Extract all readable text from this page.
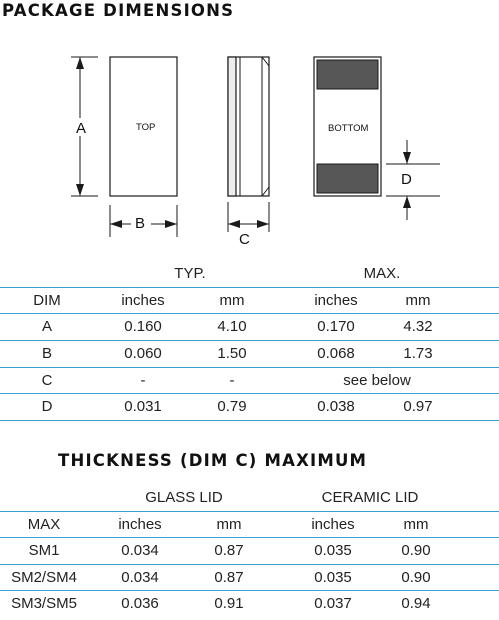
PACKAGE DIMENSIONS
TOP	BOTTOM
A
B
C
D
TYP.	MAX.
DIM	inches	mm	inches	mm
A	0.160	4.10	0.170	4.32
B	0.060	1.50	0.068	1.73
C	-	-	see below
D	0.031	0.79	0.038	0.97
THICKNESS (DIM C) MAXIMUM
GLASS LID	CERAMIC LID
MAX	inches	mm	inches	mm
SM1	0.034	0.87	0.035	0.90
SM2/SM4	0.034	0.87	0.035	0.90
SM3/SM5	0.036	0.91	0.037	0.94
